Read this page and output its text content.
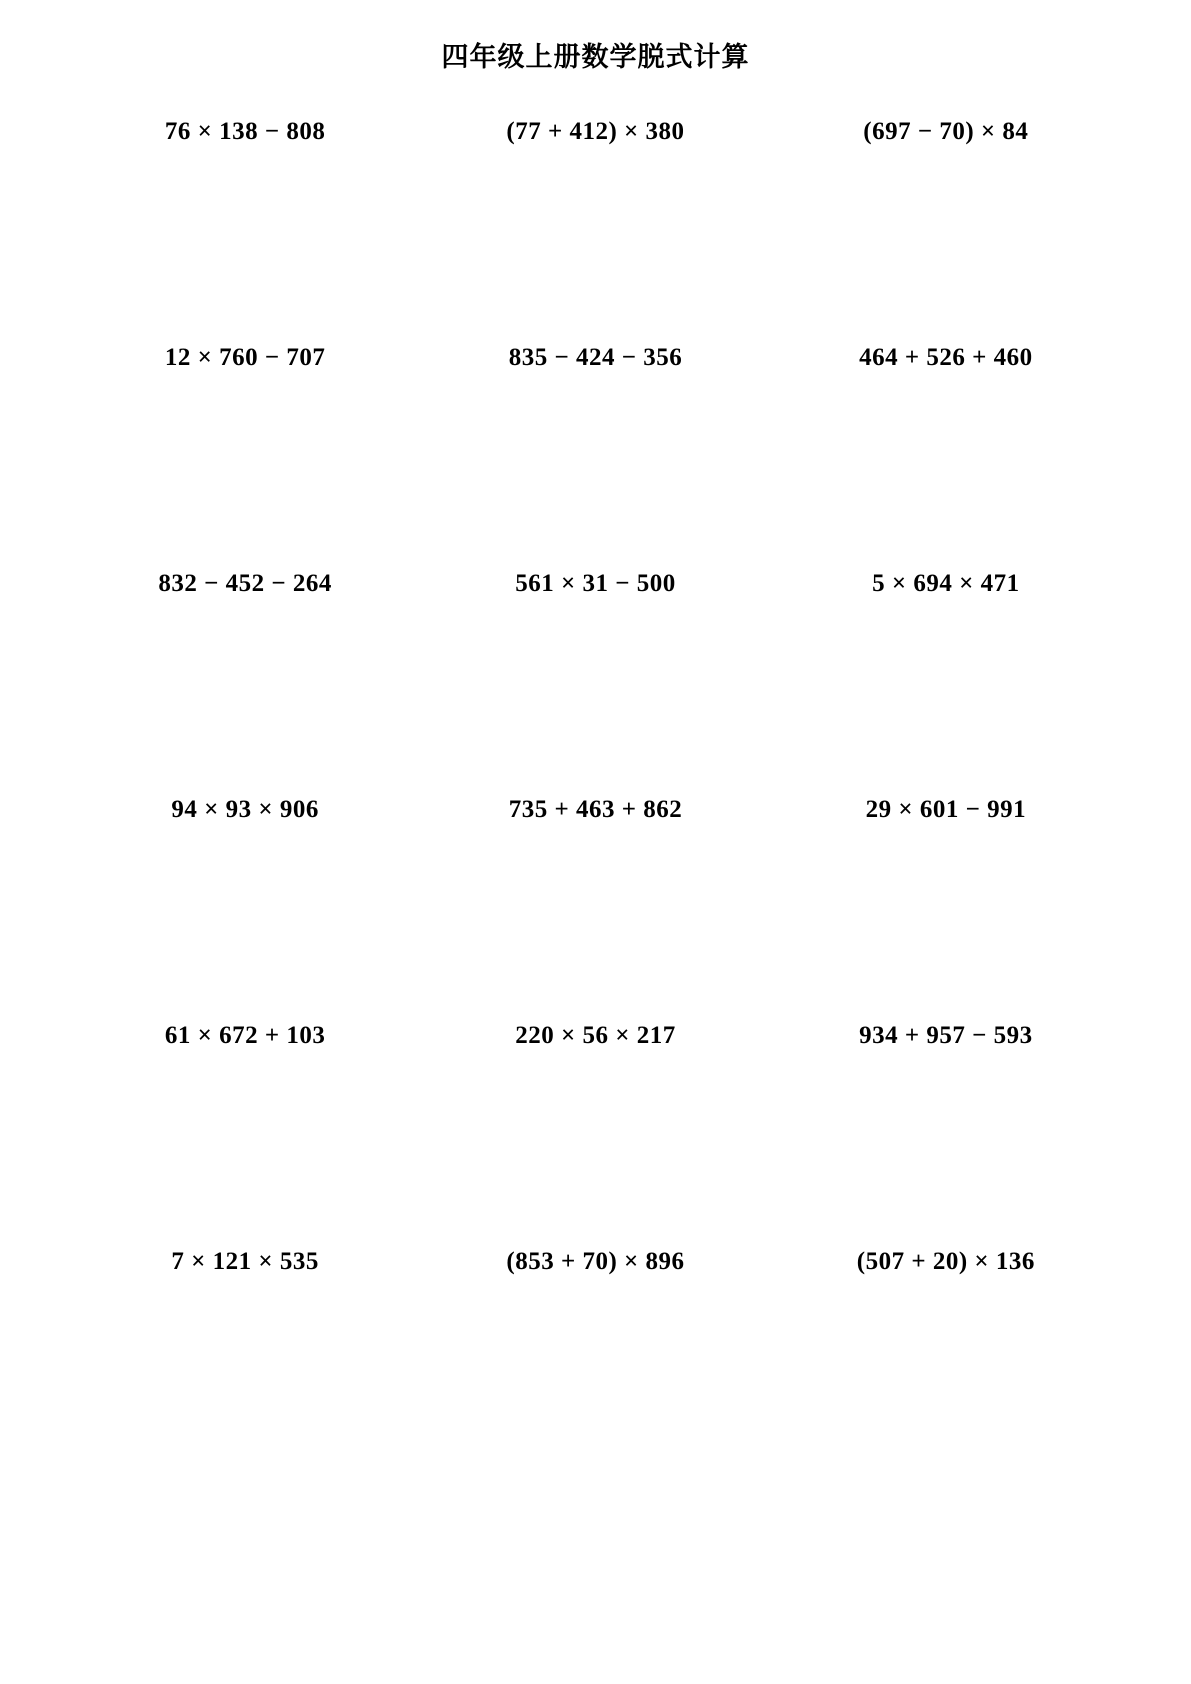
四年级上册数学脱式计算
76 × 138 − 808	(77 + 412) × 380	(697 − 70) × 84
12 × 760 − 707	835 − 424 − 356	464 + 526 + 460
832 − 452 − 264	561 × 31 − 500	5 × 694 × 471
94 × 93 × 906	735 + 463 + 862	29 × 601 − 991
61 × 672 + 103	220 × 56 × 217	934 + 957 − 593
7 × 121 × 535	(853 + 70) × 896	(507 + 20) × 136
